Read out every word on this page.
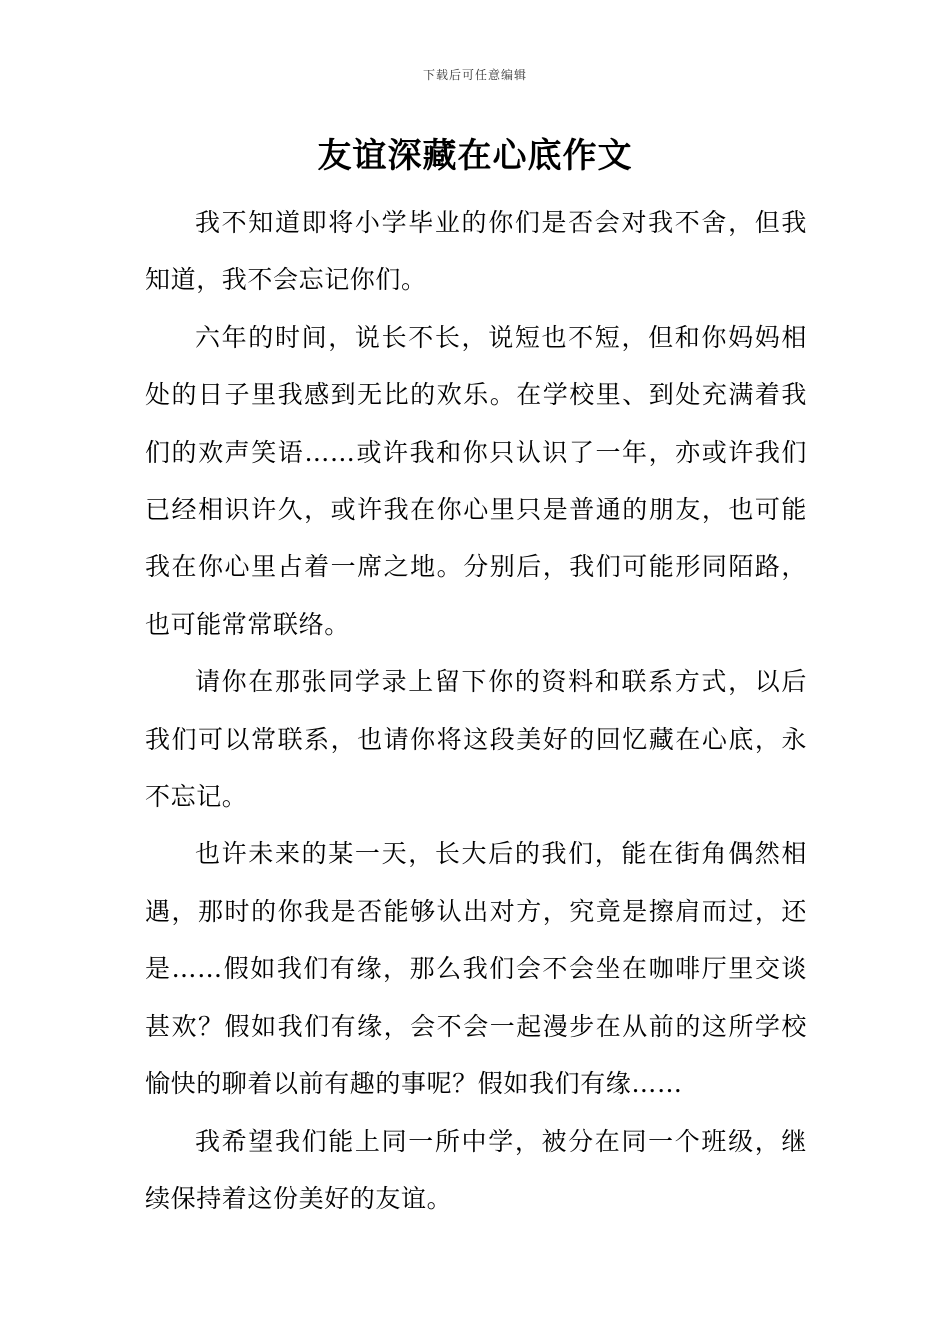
下载后可任意编辑
友谊深藏在心底作文

我不知道即将小学毕业的你们是否会对我不舍，但我知道，我不会忘记你们。

六年的时间，说长不长，说短也不短，但和你妈妈相处的日子里我感到无比的欢乐。在学校里、到处充满着我们的欢声笑语……或许我和你只认识了一年，亦或许我们已经相识许久，或许我在你心里只是普通的朋友，也可能我在你心里占着一席之地。分别后，我们可能形同陌路，也可能常常联络。

请你在那张同学录上留下你的资料和联系方式，以后我们可以常联系，也请你将这段美好的回忆藏在心底，永不忘记。

也许未来的某一天，长大后的我们，能在街角偶然相遇，那时的你我是否能够认出对方，究竟是擦肩而过，还是……假如我们有缘，那么我们会不会坐在咖啡厅里交谈甚欢？假如我们有缘，会不会一起漫步在从前的这所学校愉快的聊着以前有趣的事呢？假如我们有缘……

我希望我们能上同一所中学，被分在同一个班级，继续保持着这份美好的友谊。
